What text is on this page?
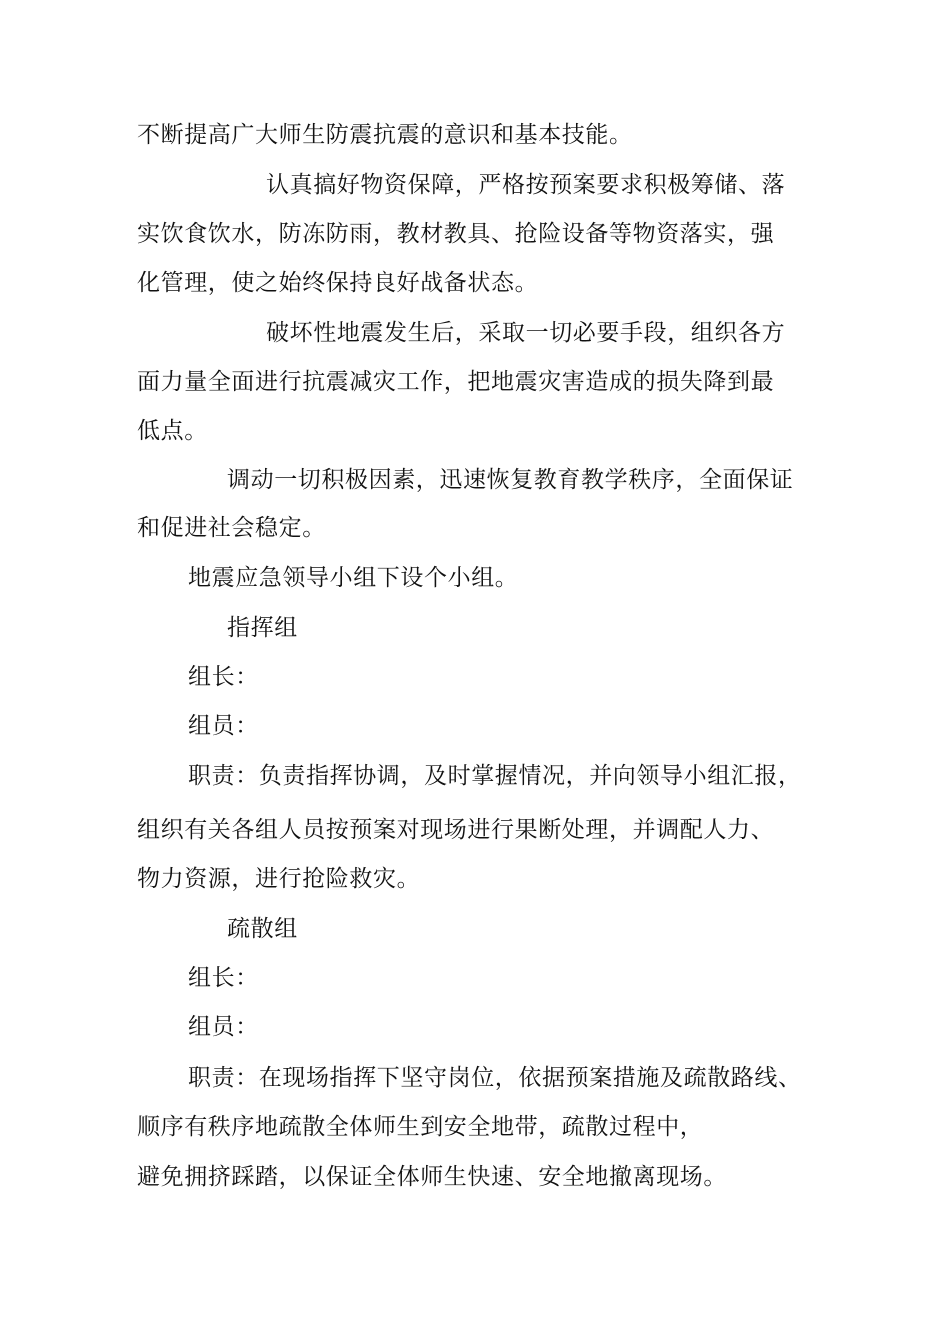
不断提高广大师生防震抗震的意识和基本技能。
认真搞好物资保障，严格按预案要求积极筹储、落
实饮食饮水，防冻防雨，教材教具、抢险设备等物资落实，强
化管理，使之始终保持良好战备状态。
破坏性地震发生后，采取一切必要手段，组织各方
面力量全面进行抗震减灾工作，把地震灾害造成的损失降到最
低点。
调动一切积极因素，迅速恢复教育教学秩序，全面保证
和促进社会稳定。
地震应急领导小组下设个小组。
指挥组
组长：
组员：
职责：负责指挥协调，及时掌握情况，并向领导小组汇报，
组织有关各组人员按预案对现场进行果断处理，并调配人力、
物力资源，进行抢险救灾。
疏散组
组长：
组员：
职责：在现场指挥下坚守岗位，依据预案措施及疏散路线、
顺序有秩序地疏散全体师生到安全地带，疏散过程中，
避免拥挤踩踏，以保证全体师生快速、安全地撤离现场。
